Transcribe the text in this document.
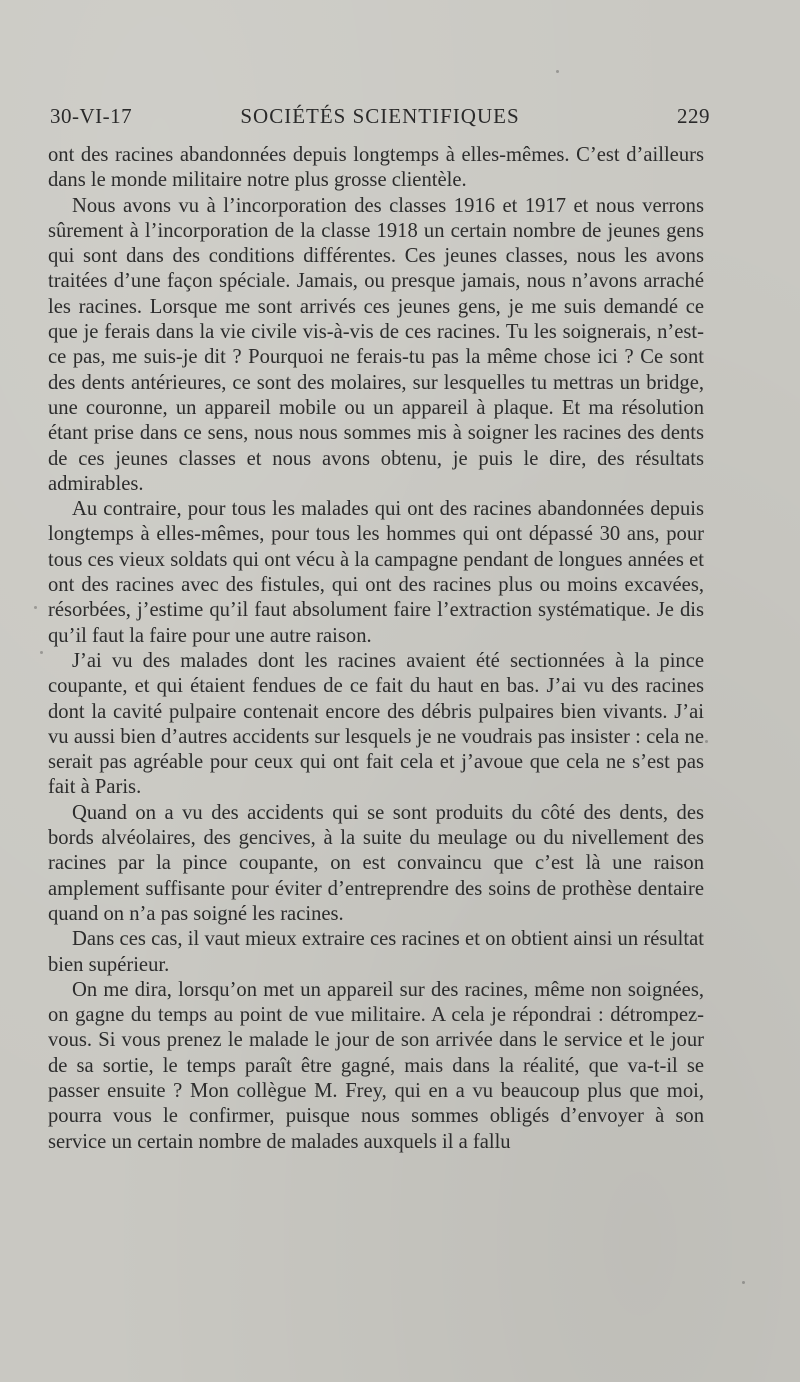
30-VI-17	SOCIÉTÉS SCIENTIFIQUES	229

ont des racines abandonnées depuis longtemps à elles-mêmes. C’est d’ailleurs dans le monde militaire notre plus grosse clientèle.

Nous avons vu à l’incorporation des classes 1916 et 1917 et nous verrons sûrement à l’incorporation de la classe 1918 un certain nombre de jeunes gens qui sont dans des conditions différentes. Ces jeunes classes, nous les avons traitées d’une façon spéciale. Jamais, ou presque jamais, nous n’avons arraché les racines. Lorsque me sont arrivés ces jeunes gens, je me suis demandé ce que je ferais dans la vie civile vis-à-vis de ces racines. Tu les soignerais, n’est-ce pas, me suis-je dit ? Pourquoi ne ferais-tu pas la même chose ici ? Ce sont des dents antérieures, ce sont des molaires, sur lesquelles tu mettras un bridge, une couronne, un appareil mobile ou un appareil à plaque. Et ma résolution étant prise dans ce sens, nous nous sommes mis à soigner les racines des dents de ces jeunes classes et nous avons obtenu, je puis le dire, des résultats admirables.

Au contraire, pour tous les malades qui ont des racines abandonnées depuis longtemps à elles-mêmes, pour tous les hommes qui ont dépassé 30 ans, pour tous ces vieux soldats qui ont vécu à la campagne pendant de longues années et ont des racines avec des fistules, qui ont des racines plus ou moins excavées, résorbées, j’estime qu’il faut absolument faire l’extraction systématique. Je dis qu’il faut la faire pour une autre raison.

J’ai vu des malades dont les racines avaient été sectionnées à la pince coupante, et qui étaient fendues de ce fait du haut en bas. J’ai vu des racines dont la cavité pulpaire contenait encore des débris pulpaires bien vivants. J’ai vu aussi bien d’autres accidents sur lesquels je ne voudrais pas insister : cela ne serait pas agréable pour ceux qui ont fait cela et j’avoue que cela ne s’est pas fait à Paris.

Quand on a vu des accidents qui se sont produits du côté des dents, des bords alvéolaires, des gencives, à la suite du meulage ou du nivellement des racines par la pince coupante, on est convaincu que c’est là une raison amplement suffisante pour éviter d’entreprendre des soins de prothèse dentaire quand on n’a pas soigné les racines.

Dans ces cas, il vaut mieux extraire ces racines et on obtient ainsi un résultat bien supérieur.

On me dira, lorsqu’on met un appareil sur des racines, même non soignées, on gagne du temps au point de vue militaire. A cela je répondrai : détrompez-vous. Si vous prenez le malade le jour de son arrivée dans le service et le jour de sa sortie, le temps paraît être gagné, mais dans la réalité, que va-t-il se passer ensuite ? Mon collègue M. Frey, qui en a vu beaucoup plus que moi, pourra vous le confirmer, puisque nous sommes obligés d’envoyer à son service un certain nombre de malades auxquels il a fallu
